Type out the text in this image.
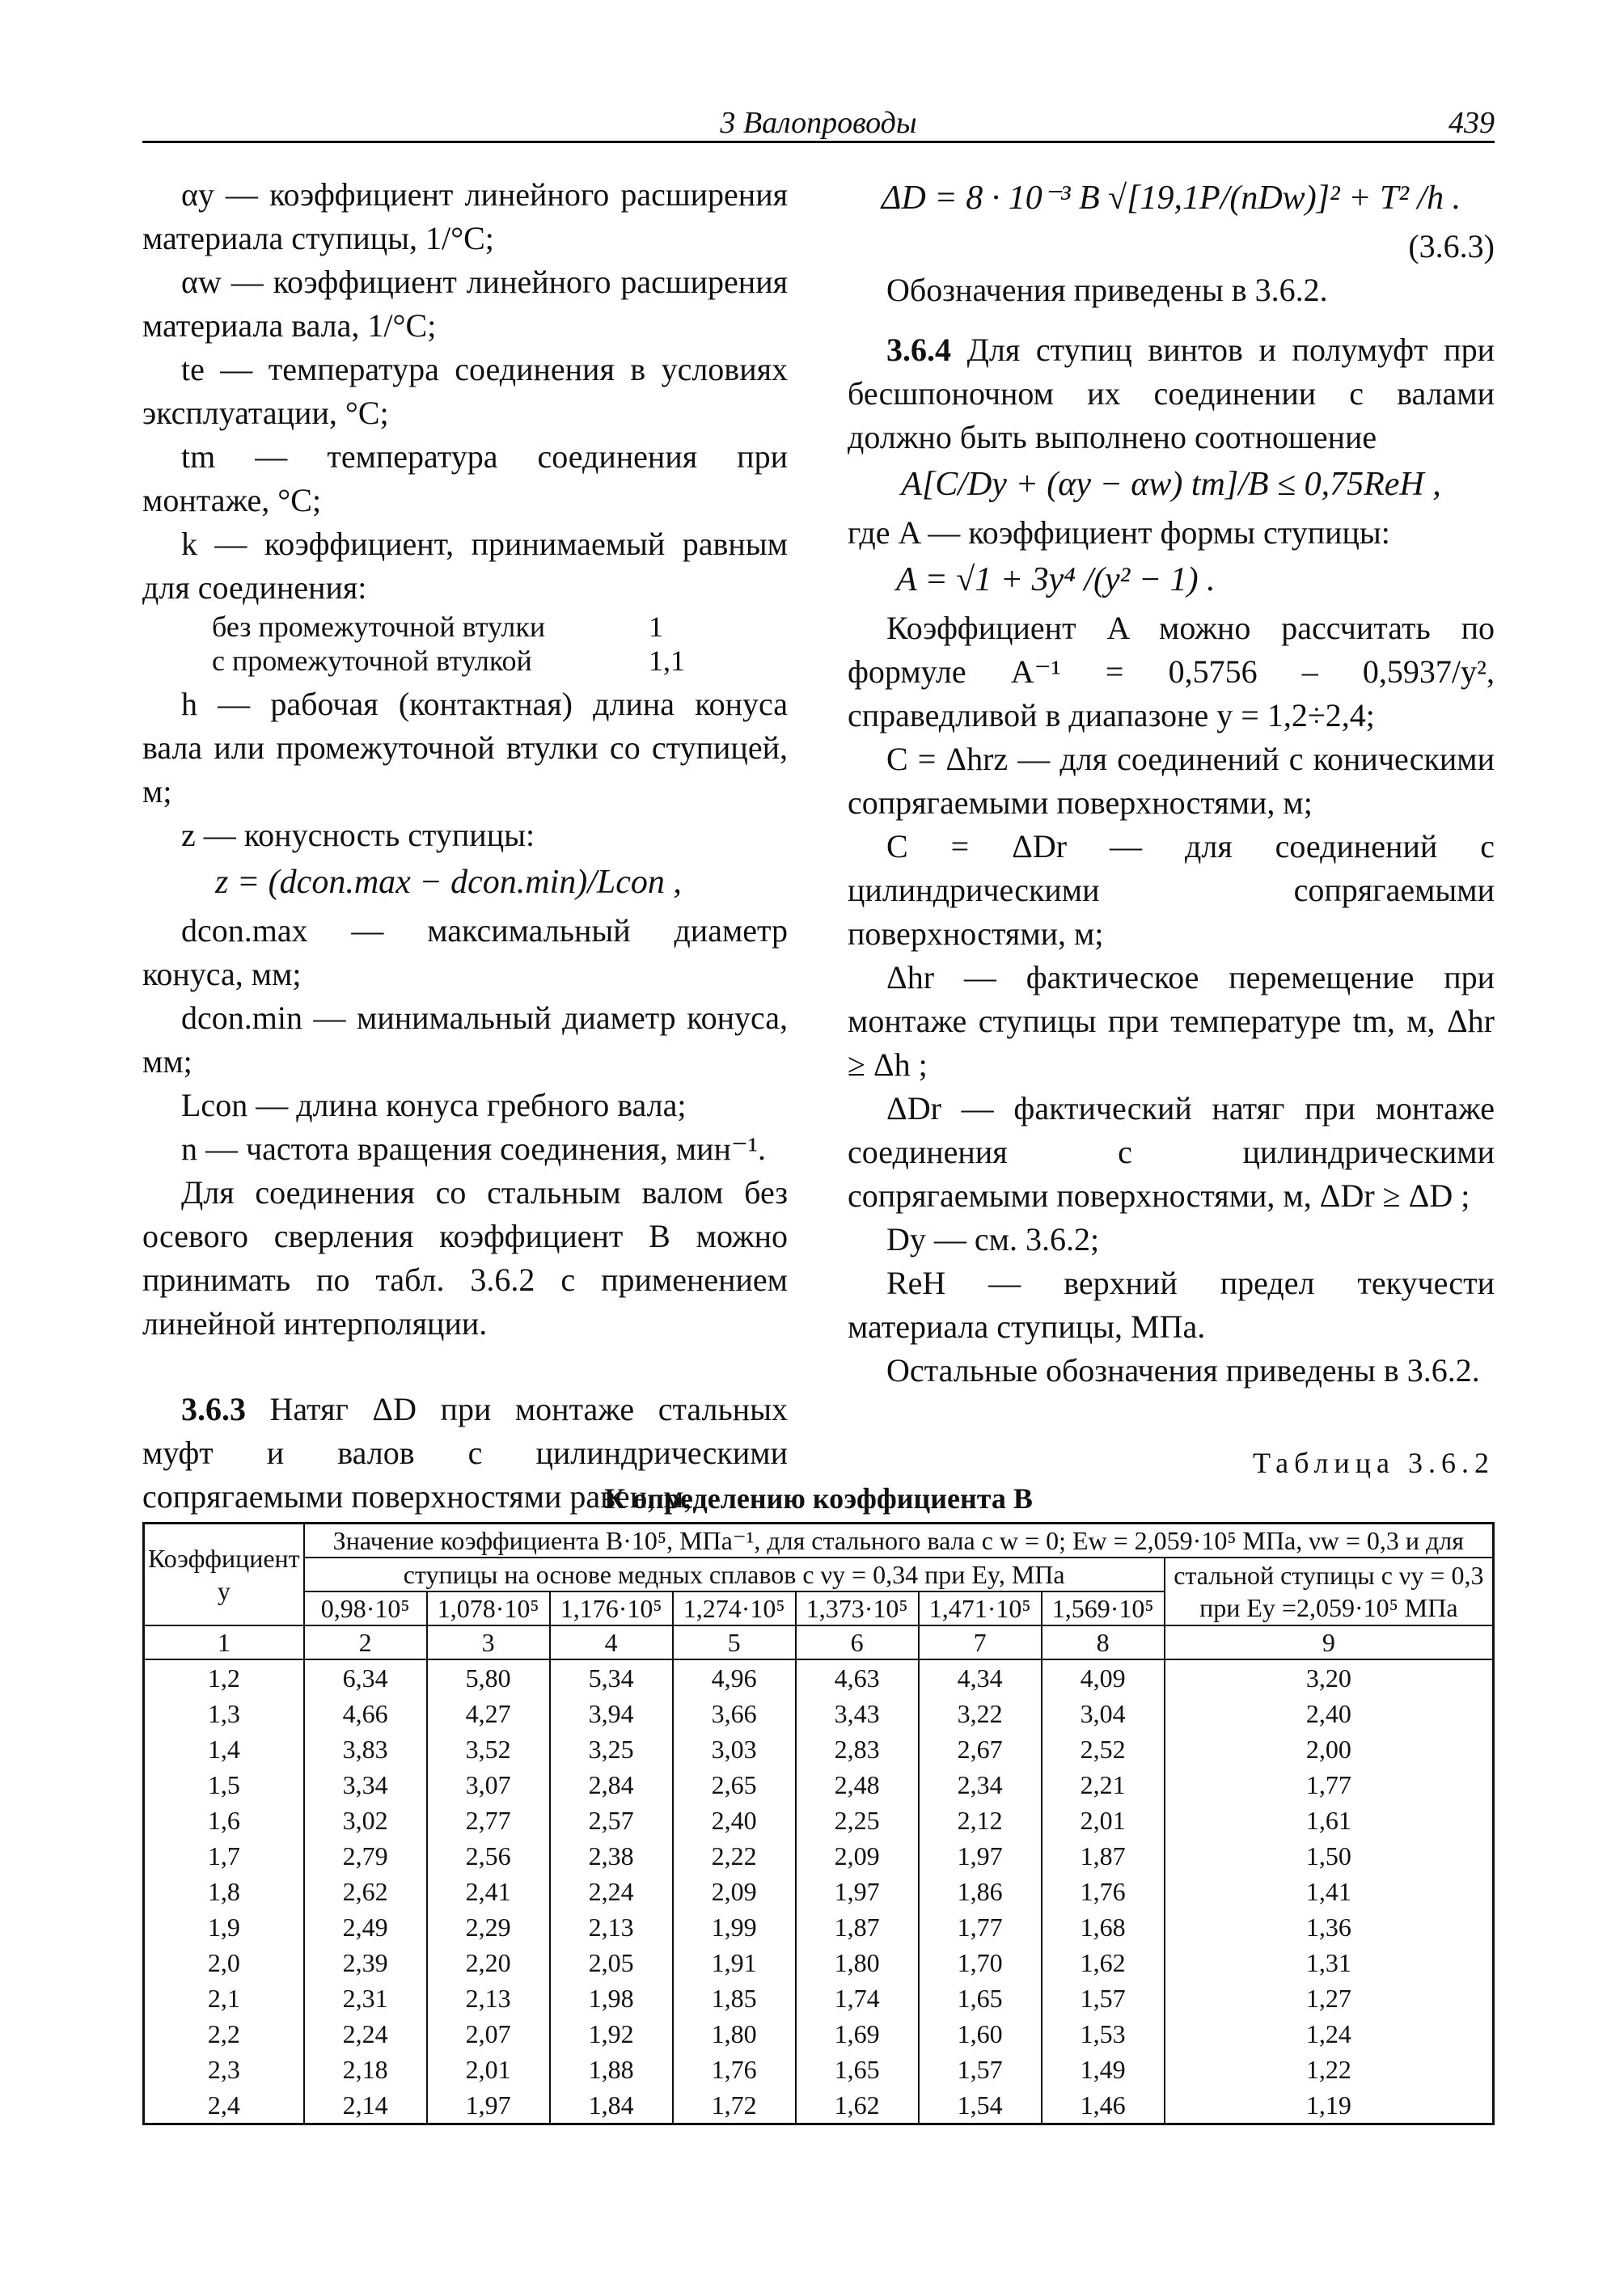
3 Валопроводы	439

αy — коэффициент линейного расширения материала ступицы, 1/°С;

αw — коэффициент линейного расширения материала вала, 1/°С;

te — температура соединения в условиях эксплуатации, °С;

tm — температура соединения при монтаже, °С;

k — коэффициент, принимаемый равным для соединения:

без промежуточной втулки	1
с промежуточной втулкой	1,1

h — рабочая (контактная) длина конуса вала или промежуточной втулки со ступицей, м;

z — конусность ступицы:

z = (dcon.max − dcon.min)/Lcon ,

dcon.max — максимальный диаметр конуса, мм;

dcon.min — минимальный диаметр конуса, мм;

Lcon — длина конуса гребного вала;

n — частота вращения соединения, мин⁻¹.

Для соединения со стальным валом без осевого сверления коэффициент B можно принимать по табл. 3.6.2 с применением линейной интерполяции.

3.6.3 Натяг ΔD при монтаже стальных муфт и валов с цилиндрическими сопрягаемыми поверхностями равен, м,

ΔD = 8 · 10⁻³ B √[19,1P/(nDw)]² + T² /h .
(3.6.3)

Обозначения приведены в 3.6.2.

3.6.4 Для ступиц винтов и полумуфт при бесшпоночном их соединении с валами должно быть выполнено соотношение

A[C/Dy + (αy − αw) tm]/B ≤ 0,75ReH ,

где A — коэффициент формы ступицы:

A = √1 + 3y⁴ /(y² − 1) .

Коэффициент A можно рассчитать по формуле A⁻¹ = 0,5756 – 0,5937/y², справедливой в диапазоне y = 1,2÷2,4;

C = Δhrz — для соединений с коническими сопрягаемыми поверхностями, м;

C = ΔDr — для соединений с цилиндрическими сопрягаемыми поверхностями, м;

Δhr — фактическое перемещение при монтаже ступицы при температуре tm, м, Δhr ≥ Δh ;

ΔDr — фактический натяг при монтаже соединения с цилиндрическими сопрягаемыми поверхностями, м, ΔDr ≥ ΔD ;

Dy — см. 3.6.2;

ReH — верхний предел текучести материала ступицы, МПа.

Остальные обозначения приведены в 3.6.2.

Таблица 3.6.2
К определению коэффициента B
Коэффициент y	Значение коэффициента B·10⁵, МПа⁻¹, для стального вала с w = 0; Ew = 2,059·10⁵ МПа, νw = 0,3 и для							
	ступицы на основе медных сплавов с νy = 0,34 при Ey, МПа							стальной ступицы с νy = 0,3 при Ey =2,059·10⁵ МПа
	0,98·10⁵	1,078·10⁵	1,176·10⁵	1,274·10⁵	1,373·10⁵	1,471·10⁵	1,569·10⁵	
1	2	3	4	5	6	7	8	9
1,2	6,34	5,80	5,34	4,96	4,63	4,34	4,09	3,20
1,3	4,66	4,27	3,94	3,66	3,43	3,22	3,04	2,40
1,4	3,83	3,52	3,25	3,03	2,83	2,67	2,52	2,00
1,5	3,34	3,07	2,84	2,65	2,48	2,34	2,21	1,77
1,6	3,02	2,77	2,57	2,40	2,25	2,12	2,01	1,61
1,7	2,79	2,56	2,38	2,22	2,09	1,97	1,87	1,50
1,8	2,62	2,41	2,24	2,09	1,97	1,86	1,76	1,41
1,9	2,49	2,29	2,13	1,99	1,87	1,77	1,68	1,36
2,0	2,39	2,20	2,05	1,91	1,80	1,70	1,62	1,31
2,1	2,31	2,13	1,98	1,85	1,74	1,65	1,57	1,27
2,2	2,24	2,07	1,92	1,80	1,69	1,60	1,53	1,24
2,3	2,18	2,01	1,88	1,76	1,65	1,57	1,49	1,22
2,4	2,14	1,97	1,84	1,72	1,62	1,54	1,46	1,19
